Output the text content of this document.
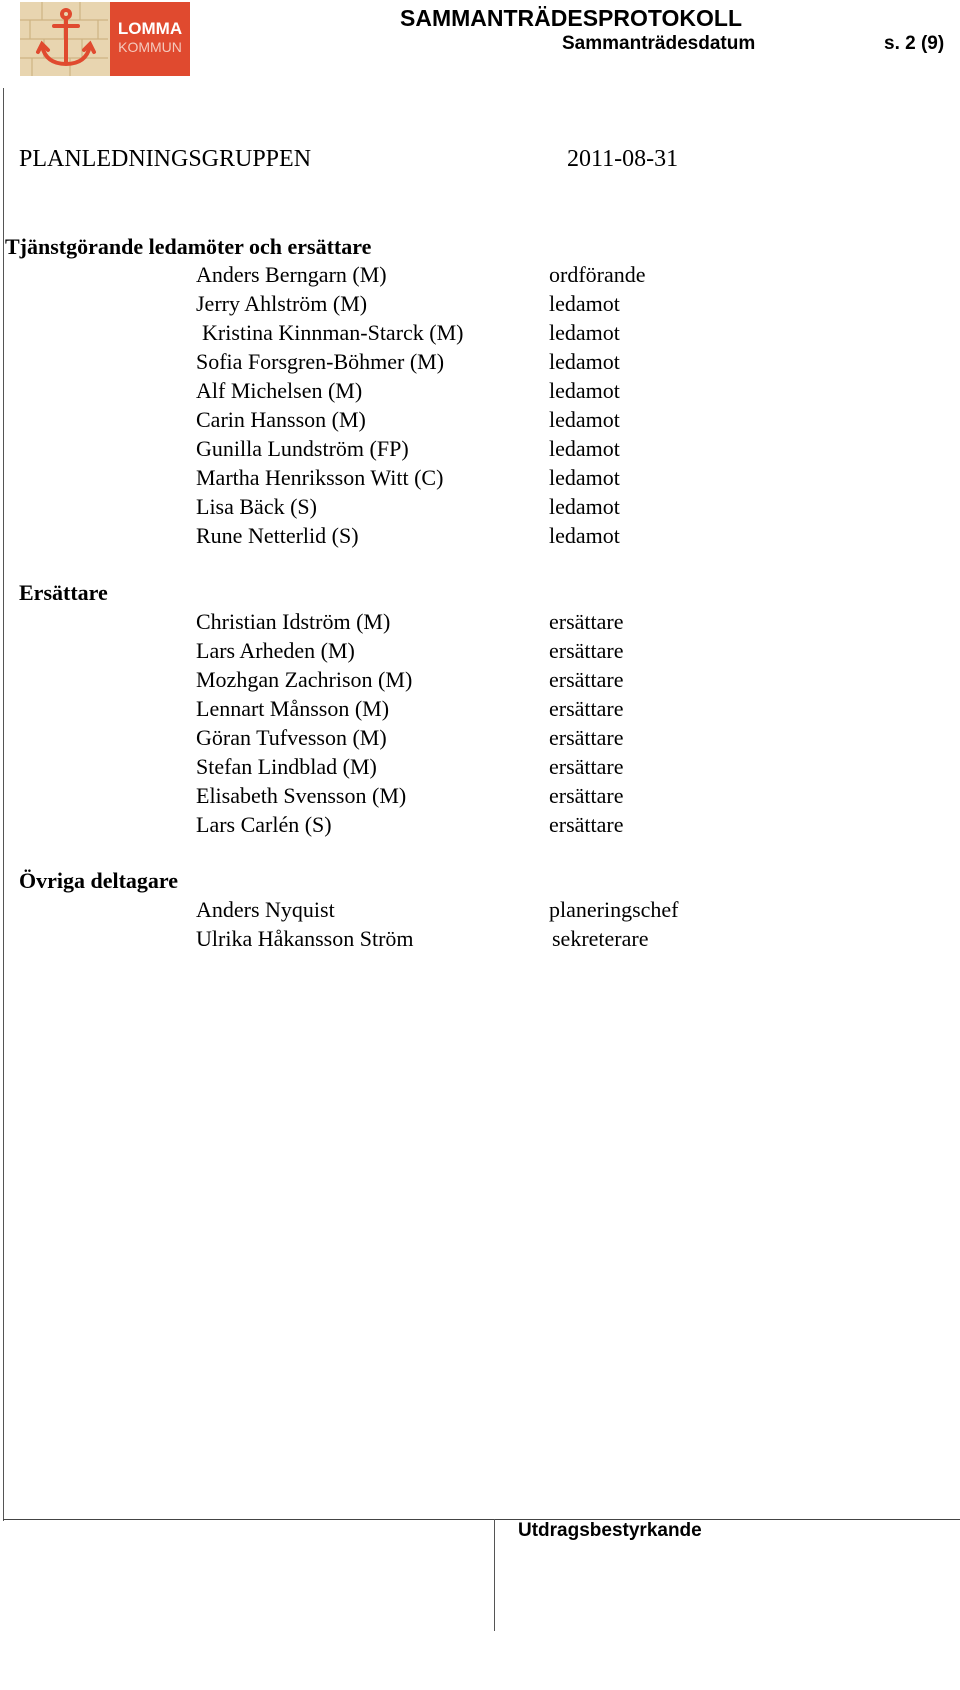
LOMMA
KOMMUN
SAMMANTRÄDESPROTOKOLL
Sammanträdesdatum	s. 2 (9)
Utdragsbestyrkande
PLANLEDNINGSGRUPPEN	2011-08-31
Tjänstgörande ledamöter och ersättare
Anders Berngarn (M)	ordförande
Jerry Ahlström (M)	ledamot
Kristina Kinnman-Starck (M)	ledamot
Sofia Forsgren-Böhmer (M)	ledamot
Alf Michelsen (M)	ledamot
Carin Hansson (M)	ledamot
Gunilla Lundström (FP)	ledamot
Martha Henriksson Witt (C)	ledamot
Lisa Bäck (S)	ledamot
Rune Netterlid (S)	ledamot
Ersättare
Christian Idström (M)	ersättare
Lars Arheden (M)	ersättare
Mozhgan Zachrison (M)	ersättare
Lennart Månsson (M)	ersättare
Göran Tufvesson (M)	ersättare
Stefan Lindblad (M)	ersättare
Elisabeth Svensson (M)	ersättare
Lars Carlén (S)	ersättare
Övriga deltagare
Anders Nyquist	planeringschef
Ulrika Håkansson Ström	sekreterare
